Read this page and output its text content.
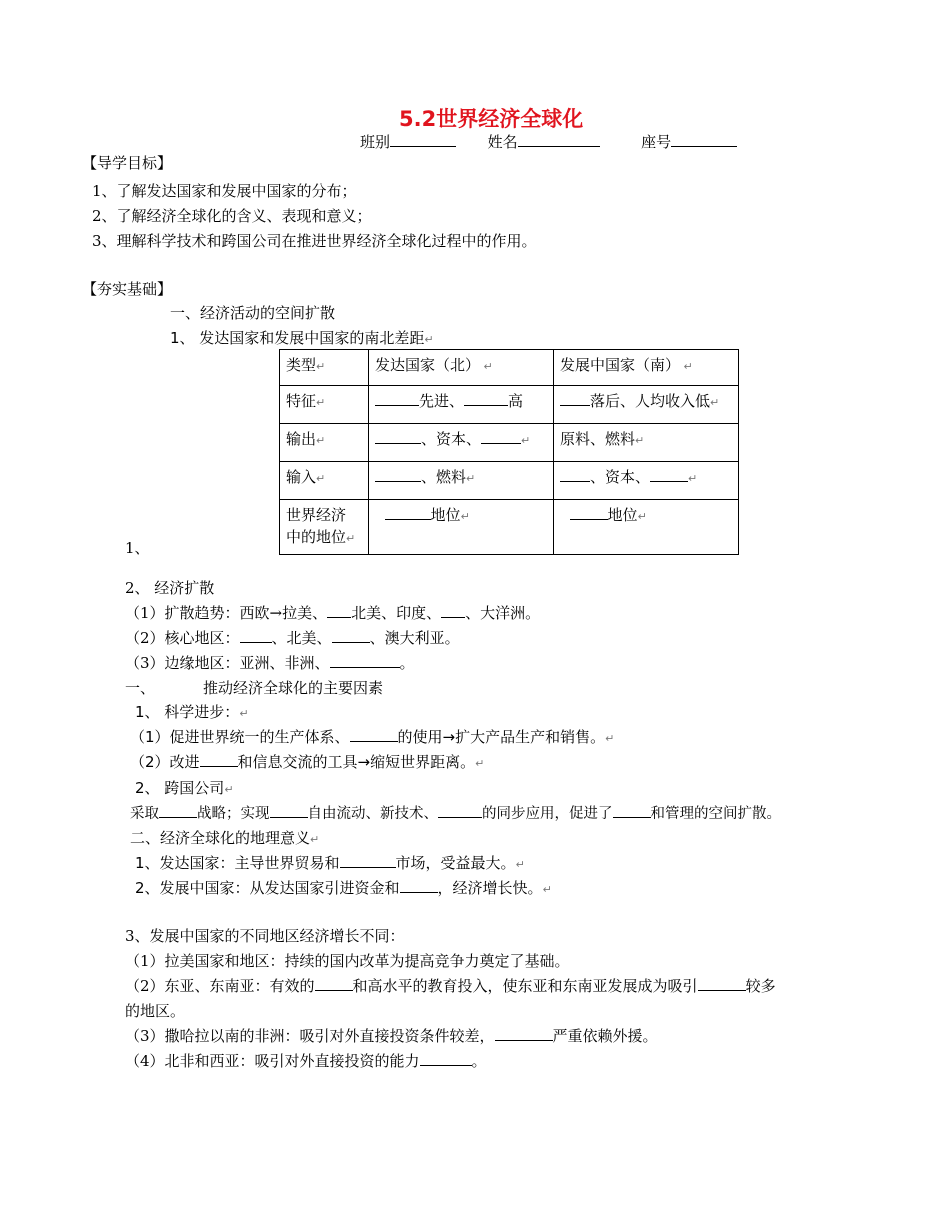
5.2世界经济全球化
班别	姓名	座号
【导学目标】
1、了解发达国家和发展中国家的分布；
2、了解经济全球化的含义、表现和意义；
3、理解科学技术和跨国公司在推进世界经济全球化过程中的作用。
【夯实基础】
一、经济活动的空间扩散
1、 发达国家和发展中国家的南北差距↵
类型↵	发达国家（北） ↵	发展中国家（南） ↵
特征↵	先进、 高	落后、人均收入低↵
输出↵	、资本、 ↵	原料、燃料↵
输入↵	、燃料↵	、资本、 ↵
世界经济
中的地位↵	地位↵	地位↵
1、
2、 经济扩散
（1）扩散趋势：西欧→拉美、 北美、印度、 、大洋洲。
（2）核心地区： 、北美、	、澳大利亚。
（3）边缘地区：亚洲、非洲、	。
一、	推动经济全球化的主要因素
1、 科学进步：↵
（1）促进世界统一的生产体系、	的使用→扩大产品生产和销售。↵
（2）改进	和信息交流的工具→缩短世界距离。↵
2、 跨国公司↵
采取	战略；实现	自由流动、新技术、	的同步应用，促进了	和管理的空间扩散。
二、经济全球化的地理意义↵
1、发达国家：主导世界贸易和	市场，受益最大。↵
2、发展中国家：从发达国家引进资金和	，经济增长快。↵
3、发展中国家的不同地区经济增长不同：
（1）拉美国家和地区：持续的国内改革为提高竞争力奠定了基础。
（2）东亚、东南亚：有效的	和高水平的教育投入，使东亚和东南亚发展成为吸引	较多
的地区。
（3）撒哈拉以南的非洲：吸引对外直接投资条件较差，	严重依赖外援。
（4）北非和西亚：吸引对外直接投资的能力	。
